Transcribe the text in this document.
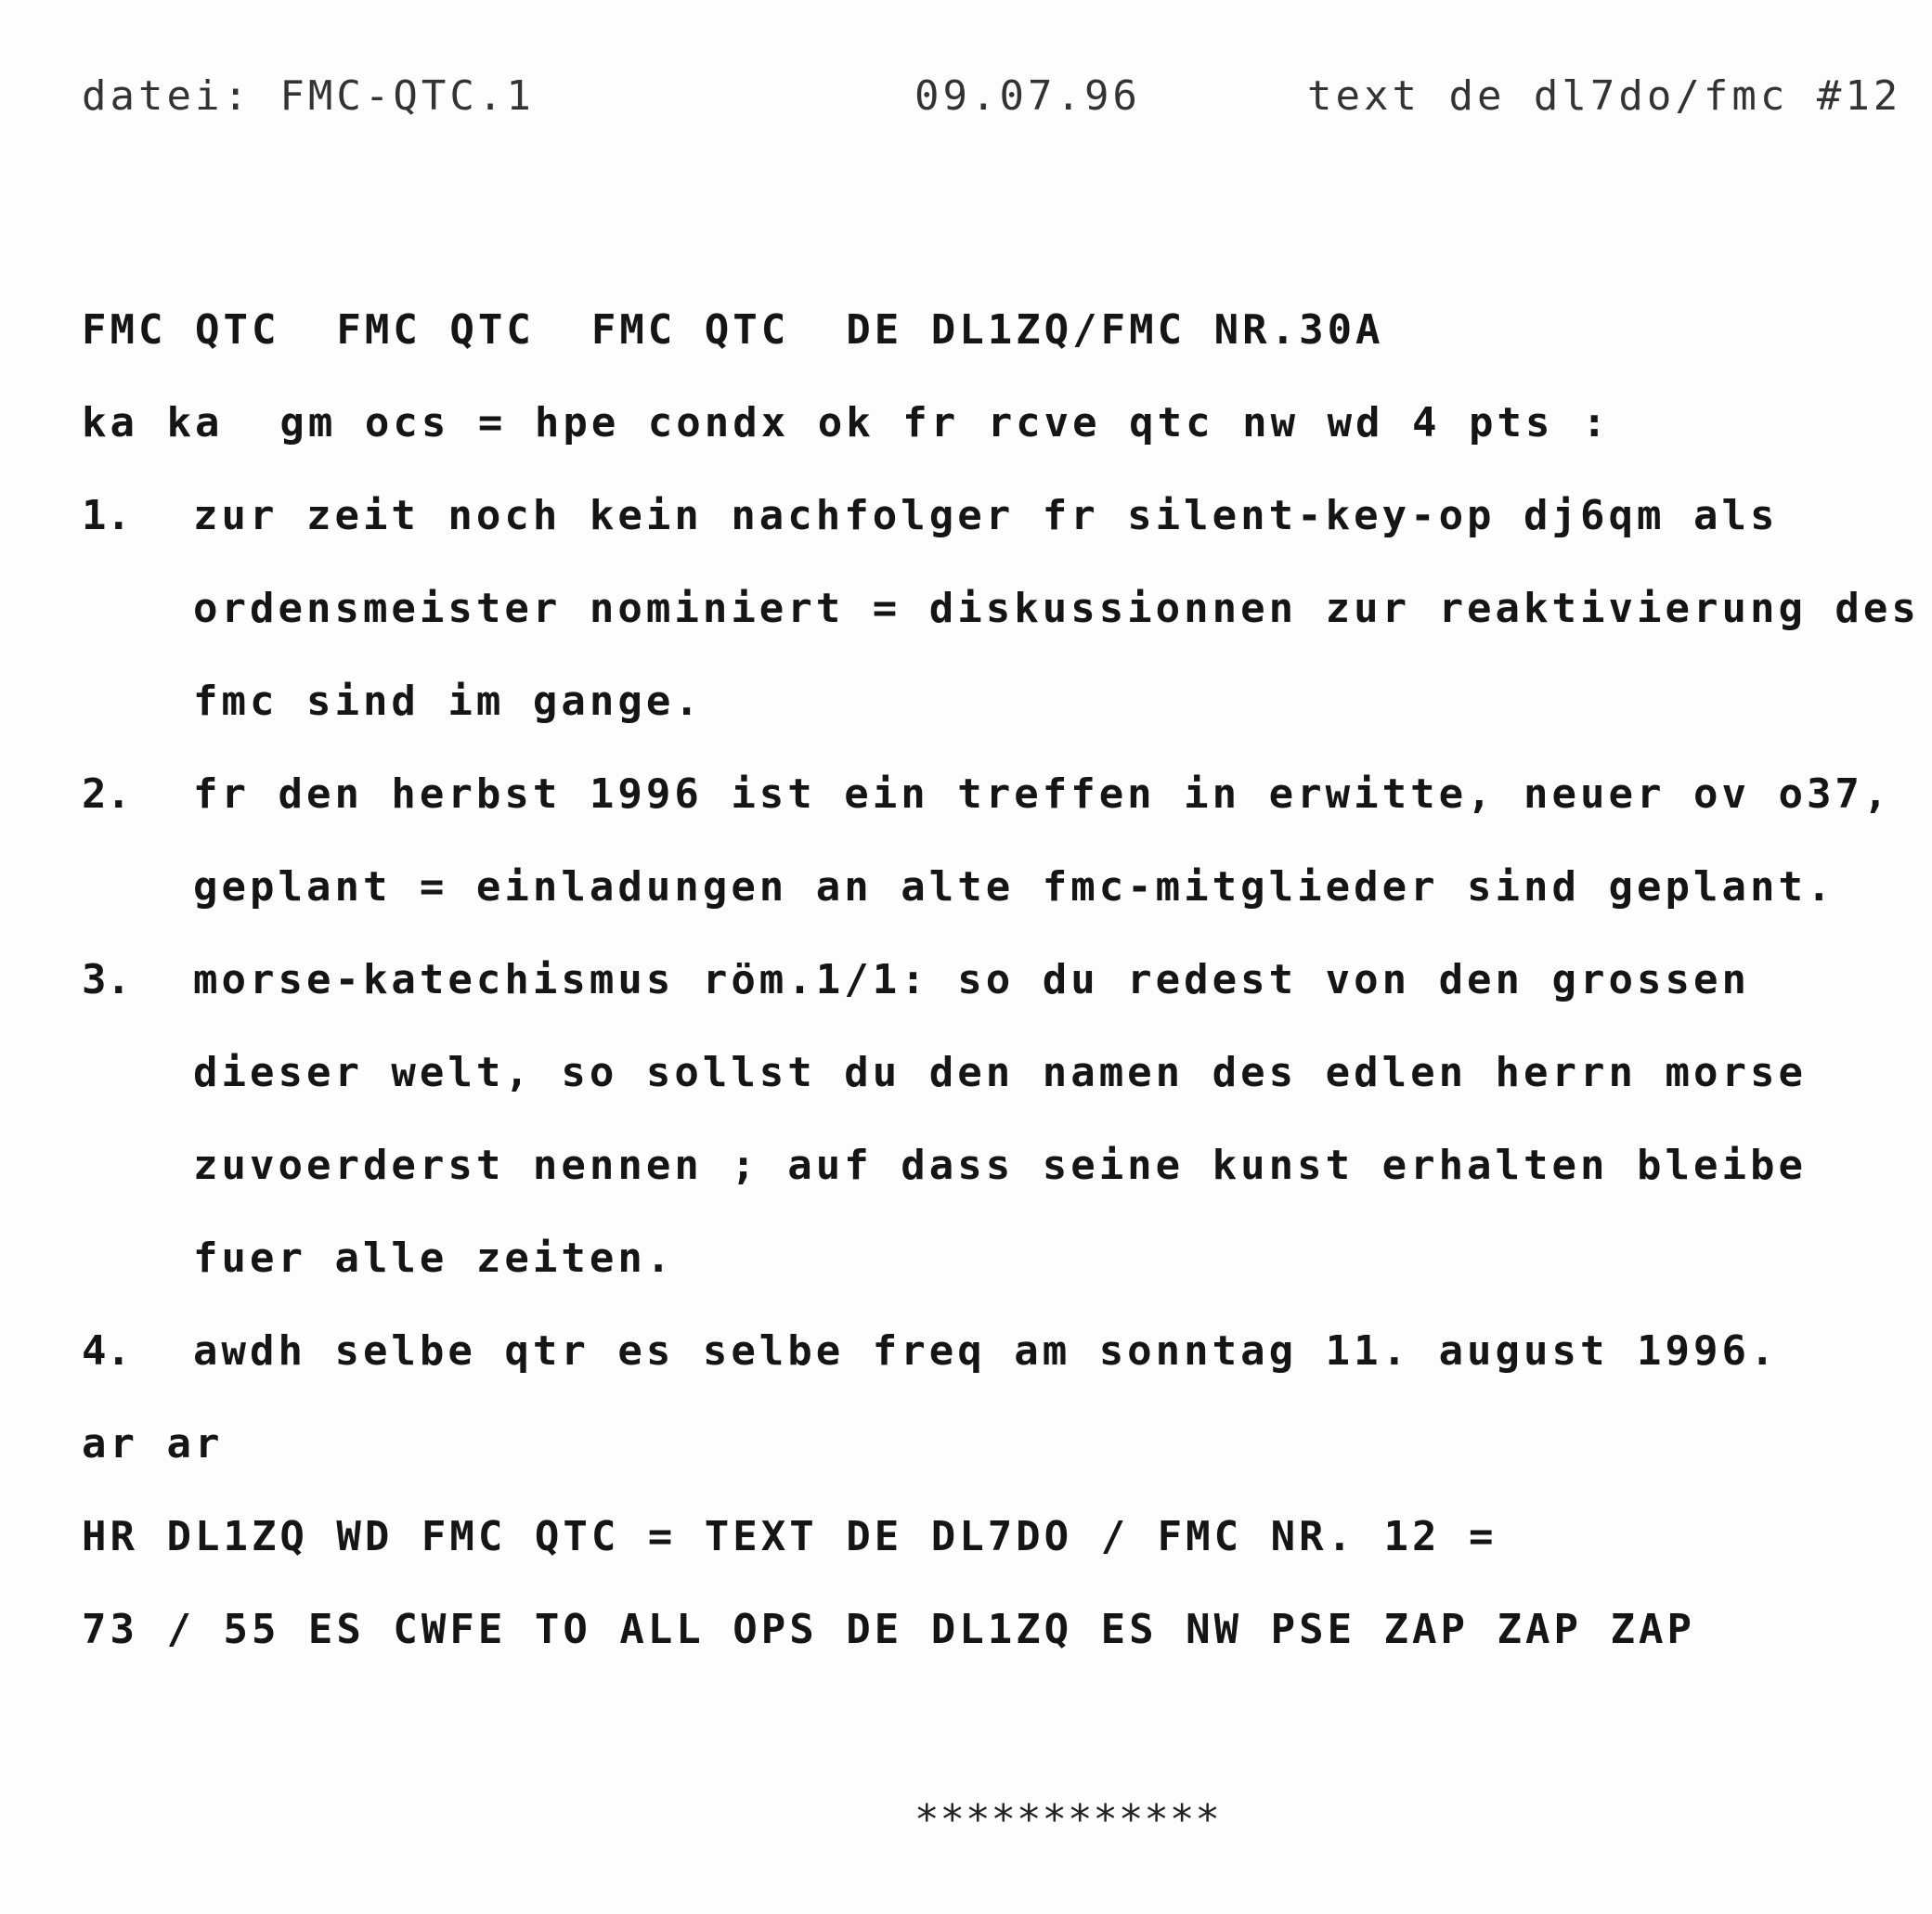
datei: FMC-QTC.1	09.07.96	text de dl7do/fmc #12
FMC QTC  FMC QTC  FMC QTC  DE DL1ZQ/FMC NR.30A
ka ka  gm ocs = hpe condx ok fr rcve qtc nw wd 4 pts :
1. zur zeit noch kein nachfolger fr silent-key-op dj6qm als
ordensmeister nominiert = diskussionnen zur reaktivierung des
fmc sind im gange.
2. fr den herbst 1996 ist ein treffen in erwitte, neuer ov o37,
geplant = einladungen an alte fmc-mitglieder sind geplant.
3. morse-katechismus röm.1/1: so du redest von den grossen
dieser welt, so sollst du den namen des edlen herrn morse
zuvoerderst nennen ; auf dass seine kunst erhalten bleibe
fuer alle zeiten.
4. awdh selbe qtr es selbe freq am sonntag 11. august 1996.
ar ar
HR DL1ZQ WD FMC QTC = TEXT DE DL7DO / FMC NR. 12 =
73 / 55 ES CWFE TO ALL OPS DE DL1ZQ ES NW PSE ZAP ZAP ZAP
************
